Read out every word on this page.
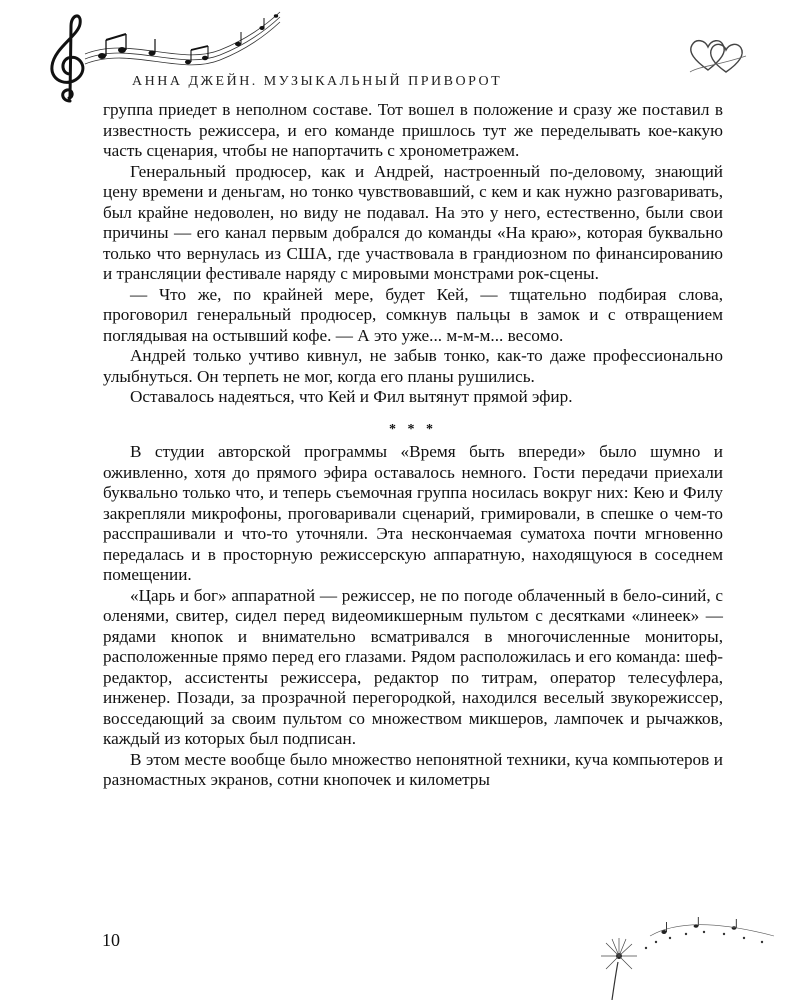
АННА ДЖЕЙН. МУЗЫКАЛЬНЫЙ ПРИВОРОТ

группа приедет в неполном составе. Тот вошел в положение и сразу же поставил в известность режиссера, и его команде пришлось тут же переделывать кое-какую часть сценария, чтобы не напортачить с хронометражем.

Генеральный продюсер, как и Андрей, настроенный по-деловому, знающий цену времени и деньгам, но тонко чувствовавший, с кем и как нужно разговаривать, был крайне недоволен, но виду не подавал. На это у него, естественно, были свои причины — его канал первым добрался до команды «На краю», которая буквально только что вернулась из США, где участвовала в грандиозном по финансированию и трансляции фестивале наряду с мировыми монстрами рок-сцены.

— Что же, по крайней мере, будет Кей, — тщательно подбирая слова, проговорил генеральный продюсер, сомкнув пальцы в замок и с отвращением поглядывая на остывший кофе. — А это уже... м-м-м... весомо.

Андрей только учтиво кивнул, не забыв тонко, как-то даже профессионально улыбнуться. Он терпеть не мог, когда его планы рушились.

Оставалось надеяться, что Кей и Фил вытянут прямой эфир.

* * *

В студии авторской программы «Время быть впереди» было шумно и оживленно, хотя до прямого эфира оставалось немного. Гости передачи приехали буквально только что, и теперь съемочная группа носилась вокруг них: Кею и Филу закрепляли микрофоны, проговаривали сценарий, гримировали, в спешке о чем-то расспрашивали и что-то уточняли. Эта нескончаемая суматоха почти мгновенно передалась и в просторную режиссерскую аппаратную, находящуюся в соседнем помещении.

«Царь и бог» аппаратной — режиссер, не по погоде облаченный в бело-синий, с оленями, свитер, сидел перед видеомикшерным пультом с десятками «линеек» — рядами кнопок и внимательно всматривался в многочисленные мониторы, расположенные прямо перед его глазами. Рядом расположилась и его команда: шеф-редактор, ассистенты режиссера, редактор по титрам, оператор телесуфлера, инженер. Позади, за прозрачной перегородкой, находился веселый звукорежиссер, восседающий за своим пультом со множеством микшеров, лампочек и рычажков, каждый из которых был подписан.

В этом месте вообще было множество непонятной техники, куча компьютеров и разномастных экранов, сотни кнопочек и километры

10
